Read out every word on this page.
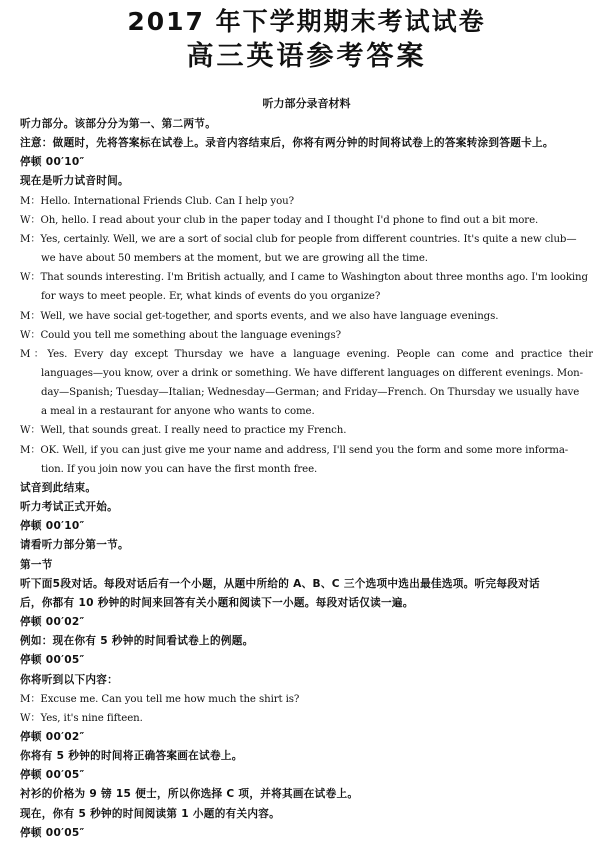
2017 年下学期期末考试试卷
高三英语参考答案
听力部分录音材料
听力部分。该部分分为第一、第二两节。
注意：做题时，先将答案标在试卷上。录音内容结束后，你将有两分钟的时间将试卷上的答案转涂到答题卡上。
停顿 00′10″
现在是听力试音时间。
M：Hello. International Friends Club. Can I help you?
W：Oh, hello. I read about your club in the paper today and I thought I'd phone to find out a bit more.
M：Yes, certainly. Well, we are a sort of social club for people from different countries. It's quite a new club—
we have about 50 members at the moment, but we are growing all the time.
W：That sounds interesting. I'm British actually, and I came to Washington about three months ago. I'm looking
for ways to meet people. Er, what kinds of events do you organize?
M：Well, we have social get-together, and sports events, and we also have language evenings.
W：Could you tell me something about the language evenings?
M：Yes. Every day except Thursday we have a language evening. People can come and practice their
languages—you know, over a drink or something. We have different languages on different evenings. Mon-
day—Spanish; Tuesday—Italian; Wednesday—German; and Friday—French. On Thursday we usually have
a meal in a restaurant for anyone who wants to come.
W：Well, that sounds great. I really need to practice my French.
M：OK. Well, if you can just give me your name and address, I'll send you the form and some more informa-
tion. If you join now you can have the first month free.
试音到此结束。
听力考试正式开始。
停顿 00′10″
请看听力部分第一节。
第一节
听下面5段对话。每段对话后有一个小题，从题中所给的 A、B、C 三个选项中选出最佳选项。听完每段对话
后，你都有 10 秒钟的时间来回答有关小题和阅读下一小题。每段对话仅读一遍。
停顿 00′02″
例如：现在你有 5 秒钟的时间看试卷上的例题。
停顿 00′05″
你将听到以下内容：
M：Excuse me. Can you tell me how much the shirt is?
W：Yes, it's nine fifteen.
停顿 00′02″
你将有 5 秒钟的时间将正确答案画在试卷上。
停顿 00′05″
衬衫的价格为 9 镑 15 便士，所以你选择 C 项，并将其画在试卷上。
现在，你有 5 秒钟的时间阅读第 1 小题的有关内容。
停顿 00′05″
